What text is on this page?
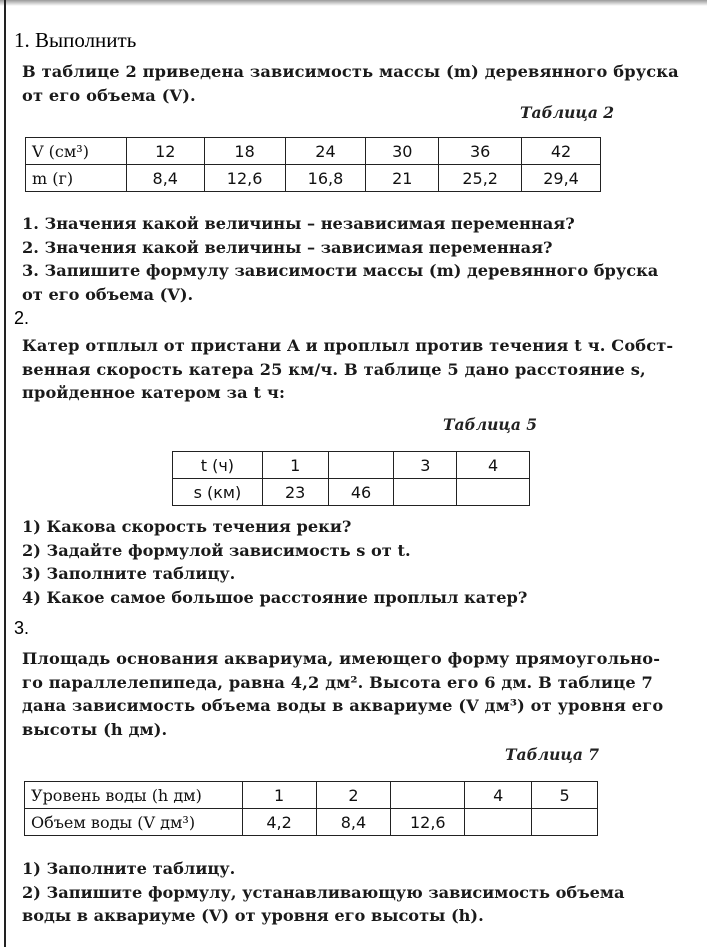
1. Выполнить
В таблице 2 приведена зависимость массы (m) деревянного бруска
от его объема (V).
Таблица 2
V (см³)	12	18	24	30	36	42
m (г)	8,4	12,6	16,8	21	25,2	29,4
1. Значения какой величины – независимая переменная?
2. Значения какой величины – зависимая переменная?
3. Запишите формулу зависимости массы (m) деревянного бруска
от его объема (V).
2.
Катер отплыл от пристани A и проплыл против течения t ч. Собст-
венная скорость катера 25 км/ч. В таблице 5 дано расстояние s,
пройденное катером за t ч:
Таблица 5
t (ч)	1		3	4
s (км)	23	46		
1) Какова скорость течения реки?
2) Задайте формулой зависимость s от t.
3) Заполните таблицу.
4) Какое самое большое расстояние проплыл катер?
3.
Площадь основания аквариума, имеющего форму прямоугольно-
го параллелепипеда, равна 4,2 дм². Высота его 6 дм. В таблице 7
дана зависимость объема воды в аквариуме (V дм³) от уровня его
высоты (h дм).
Таблица 7
Уровень воды (h дм)	1	2		4	5
Объем воды (V дм³)	4,2	8,4	12,6		
1) Заполните таблицу.
2) Запишите формулу, устанавливающую зависимость объема
воды в аквариуме (V) от уровня его высоты (h).
